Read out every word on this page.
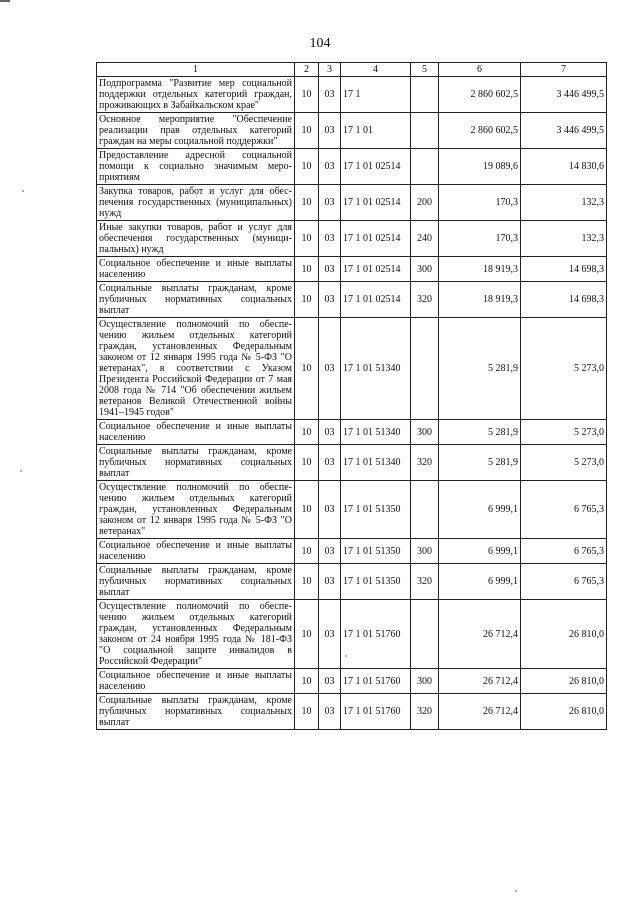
104
1	2	3	4	5	6	7
Подпрограмма "Развитие мер социальной поддержки отдельных категорий граждан, проживающих в Забайкальском крае"	10	03	17 1		2 860 602,5	3 446 499,5
Основное мероприятие "Обеспечение реализации прав отдельных категорий граждан на меры социальной поддержки"	10	03	17 1 01		2 860 602,5	3 446 499,5
Предоставление адресной социальной помощи к социально значимым мероприятиям	10	03	17 1 01 02514		19 089,6	14 830,6
Закупка товаров, работ и услуг для обеспечения государственных (муниципальных) нужд	10	03	17 1 01 02514	200	170,3	132,3
Иные закупки товаров, работ и услуг для обеспечения государственных (муниципальных) нужд	10	03	17 1 01 02514	240	170,3	132,3
Социальное обеспечение и иные выплаты населению	10	03	17 1 01 02514	300	18 919,3	14 698,3
Социальные выплаты гражданам, кроме публичных нормативных социальных выплат	10	03	17 1 01 02514	320	18 919,3	14 698,3
Осуществление полномочий по обеспечению жильем отдельных категорий граждан, установленных Федеральным законом от 12 января 1995 года № 5-ФЗ "О ветеранах", в соответствии с Указом Президента Российской Федерации от 7 мая 2008 года № 714 "Об обеспечении жильем ветеранов Великой Отечественной войны 1941–1945 годов"	10	03	17 1 01 51340		5 281,9	5 273,0
Социальное обеспечение и иные выплаты населению	10	03	17 1 01 51340	300	5 281,9	5 273,0
Социальные выплаты гражданам, кроме публичных нормативных социальных выплат	10	03	17 1 01 51340	320	5 281,9	5 273,0
Осуществление полномочий по обеспечению жильем отдельных категорий граждан, установленных Федеральным законом от 12 января 1995 года № 5-ФЗ "О ветеранах"	10	03	17 1 01 51350		6 999,1	6 765,3
Социальное обеспечение и иные выплаты населению	10	03	17 1 01 51350	300	6 999,1	6 765,3
Социальные выплаты гражданам, кроме публичных нормативных социальных выплат	10	03	17 1 01 51350	320	6 999,1	6 765,3
Осуществление полномочий по обеспечению жильем отдельных категорий граждан, установленных Федеральным законом от 24 ноября 1995 года № 181-ФЗ "О социальной защите инвалидов в Российской Федерации"	10	03	17 1 01 51760		26 712,4	26 810,0
Социальное обеспечение и иные выплаты населению	10	03	17 1 01 51760	300	26 712,4	26 810,0
Социальные выплаты гражданам, кроме публичных нормативных социальных выплат	10	03	17 1 01 51760	320	26 712,4	26 810,0
